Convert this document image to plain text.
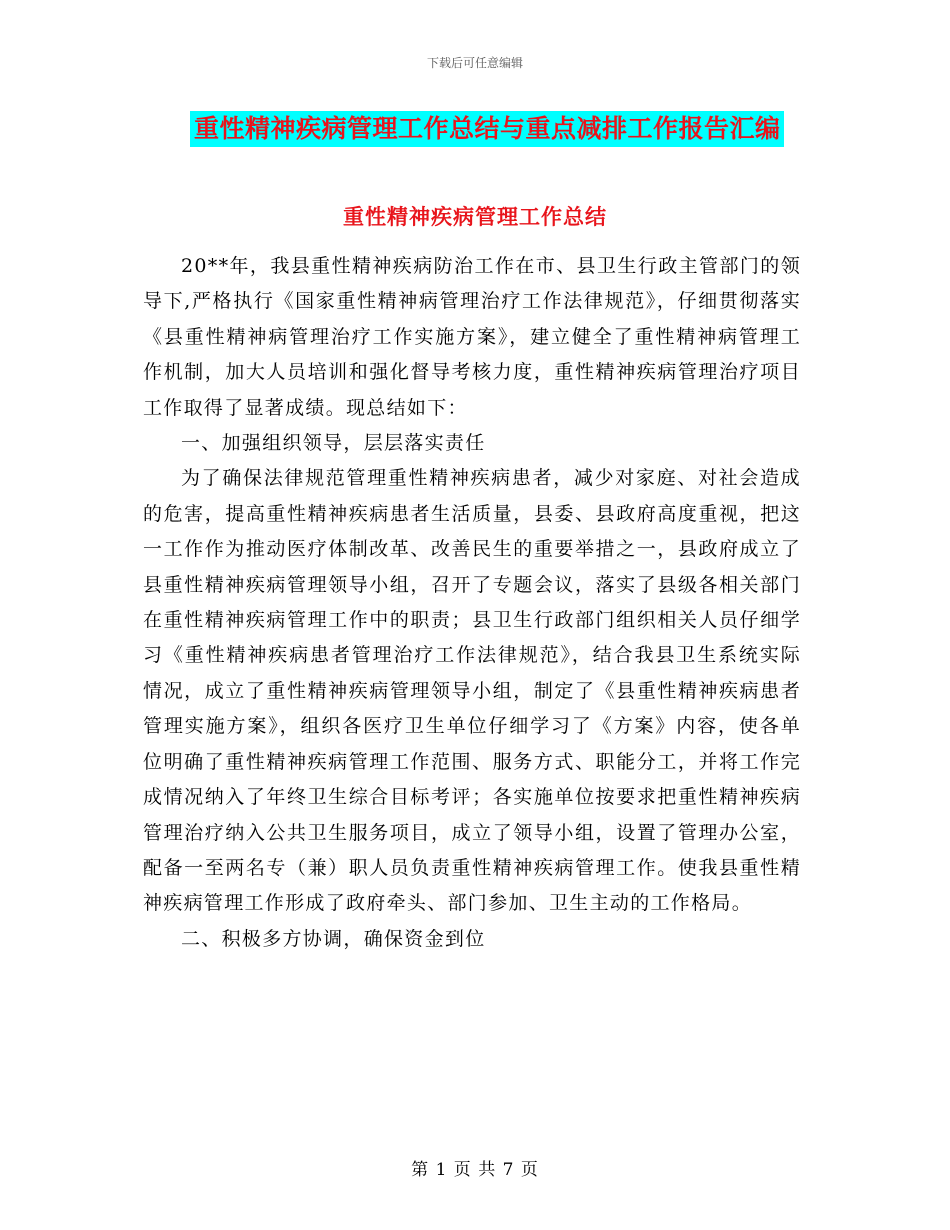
下载后可任意编辑
重性精神疾病管理工作总结与重点减排工作报告汇编
重性精神疾病管理工作总结

20**年，我县重性精神疾病防治工作在市、县卫生行政主管部门的领导下,严格执行《国家重性精神病管理治疗工作法律规范》，仔细贯彻落实《县重性精神病管理治疗工作实施方案》，建立健全了重性精神病管理工作机制，加大人员培训和强化督导考核力度，重性精神疾病管理治疗项目工作取得了显著成绩。现总结如下：

一、加强组织领导，层层落实责任

为了确保法律规范管理重性精神疾病患者，减少对家庭、对社会造成的危害，提高重性精神疾病患者生活质量，县委、县政府高度重视，把这一工作作为推动医疗体制改革、改善民生的重要举措之一，县政府成立了县重性精神疾病管理领导小组，召开了专题会议，落实了县级各相关部门在重性精神疾病管理工作中的职责；县卫生行政部门组织相关人员仔细学习《重性精神疾病患者管理治疗工作法律规范》，结合我县卫生系统实际情况，成立了重性精神疾病管理领导小组，制定了《县重性精神疾病患者管理实施方案》，组织各医疗卫生单位仔细学习了《方案》内容，使各单位明确了重性精神疾病管理工作范围、服务方式、职能分工，并将工作完成情况纳入了年终卫生综合目标考评；各实施单位按要求把重性精神疾病管理治疗纳入公共卫生服务项目，成立了领导小组，设置了管理办公室，配备一至两名专（兼）职人员负责重性精神疾病管理工作。使我县重性精神疾病管理工作形成了政府牵头、部门参加、卫生主动的工作格局。

二、积极多方协调，确保资金到位

第 1 页 共 7 页
